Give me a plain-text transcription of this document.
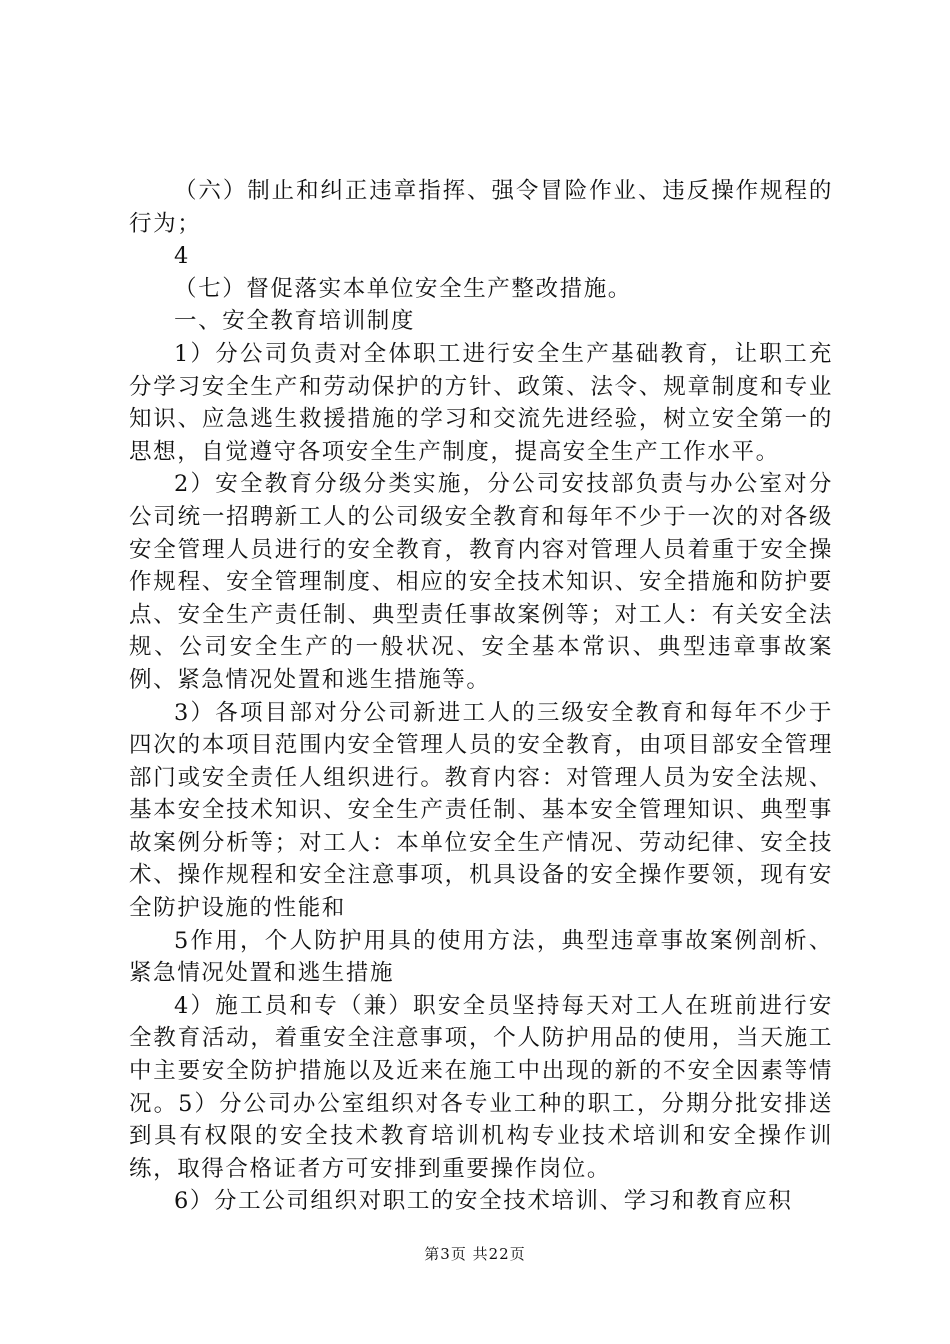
（六）制止和纠正违章指挥、强令冒险作业、违反操作规程的行为；

4

（七）督促落实本单位安全生产整改措施。

一、安全教育培训制度

1）分公司负责对全体职工进行安全生产基础教育，让职工充分学习安全生产和劳动保护的方针、政策、法令、规章制度和专业知识、应急逃生救援措施的学习和交流先进经验，树立安全第一的思想，自觉遵守各项安全生产制度，提高安全生产工作水平。

2）安全教育分级分类实施，分公司安技部负责与办公室对分公司统一招聘新工人的公司级安全教育和每年不少于一次的对各级安全管理人员进行的安全教育，教育内容对管理人员着重于安全操作规程、安全管理制度、相应的安全技术知识、安全措施和防护要点、安全生产责任制、典型责任事故案例等；对工人：有关安全法规、公司安全生产的一般状况、安全基本常识、典型违章事故案例、紧急情况处置和逃生措施等。

3）各项目部对分公司新进工人的三级安全教育和每年不少于四次的本项目范围内安全管理人员的安全教育，由项目部安全管理部门或安全责任人组织进行。教育内容：对管理人员为安全法规、基本安全技术知识、安全生产责任制、基本安全管理知识、典型事故案例分析等；对工人：本单位安全生产情况、劳动纪律、安全技术、操作规程和安全注意事项，机具设备的安全操作要领，现有安全防护设施的性能和

5作用，个人防护用具的使用方法，典型违章事故案例剖析、紧急情况处置和逃生措施

4）施工员和专（兼）职安全员坚持每天对工人在班前进行安全教育活动，着重安全注意事项，个人防护用品的使用，当天施工中主要安全防护措施以及近来在施工中出现的新的不安全因素等情况。5）分公司办公室组织对各专业工种的职工，分期分批安排送到具有权限的安全技术教育培训机构专业技术培训和安全操作训练，取得合格证者方可安排到重要操作岗位。

6）分工公司组织对职工的安全技术培训、学习和教育应积

第3页 共22页
